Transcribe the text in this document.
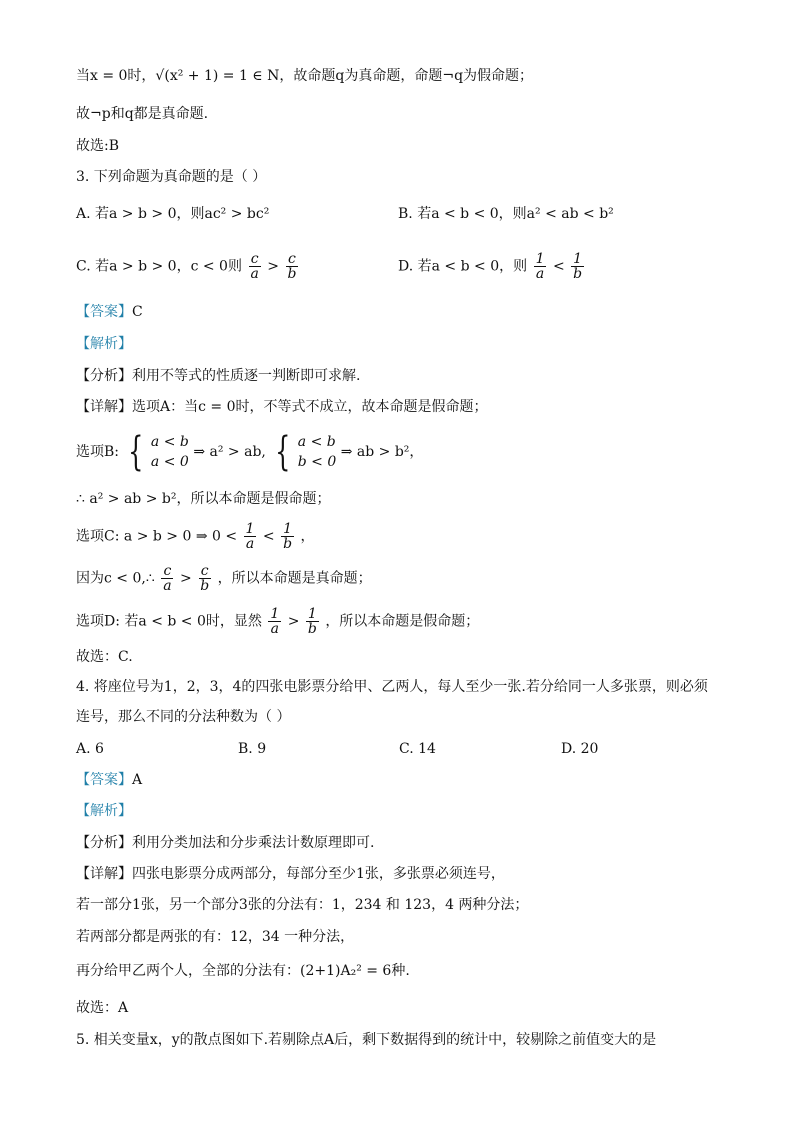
当x = 0时，√(x² + 1) = 1 ∈ N，故命题q为真命题，命题¬q为假命题；
故¬p和q都是真命题.
故选:B
3. 下列命题为真命题的是（ ）
A. 若a > b > 0，则ac² > bc²	B. 若a < b < 0，则a² < ab < b²
C. 若a > b > 0，c < 0则 $\frac{c}{a} > \frac{c}{b}$	D. 若a < b < 0，则 $\frac{1}{a} < \frac{1}{b}$
【答案】C
【解析】
【分析】利用不等式的性质逐一判断即可求解.
【详解】选项A：当c = 0时，不等式不成立，故本命题是假命题；
选项B: { a < b
a < 0
⇒ a² > ab, { a < b
b < 0
⇒ ab > b²，
∴ a² > ab > b²，所以本命题是假命题；
选项C: a > b > 0 ⇒ $0 < \frac{1}{a} < \frac{1}{b}$ ，
因为c < 0,∴ $\frac{c}{a} > \frac{c}{b}$ ，所以本命题是真命题；
选项D: 若a < b < 0时，显然 $\frac{1}{a} > \frac{1}{b}$ ，所以本命题是假命题；
故选：C.
4. 将座位号为1，2，3，4的四张电影票分给甲、乙两人，每人至少一张.若分给同一人多张票，则必须
连号，那么不同的分法种数为（ ）
A. 6	B. 9	C. 14	D. 20
【答案】A
【解析】
【分析】利用分类加法和分步乘法计数原理即可.
【详解】四张电影票分成两部分，每部分至少1张，多张票必须连号，
若一部分1张，另一个部分3张的分法有：1，234 和 123，4 两种分法；
若两部分都是两张的有：12，34 一种分法，
再分给甲乙两个人，全部的分法有：(2+1)A₂² = 6种.
故选：A
5. 相关变量x，y的散点图如下.若剔除点A后，剩下数据得到的统计中，较剔除之前值变大的是
